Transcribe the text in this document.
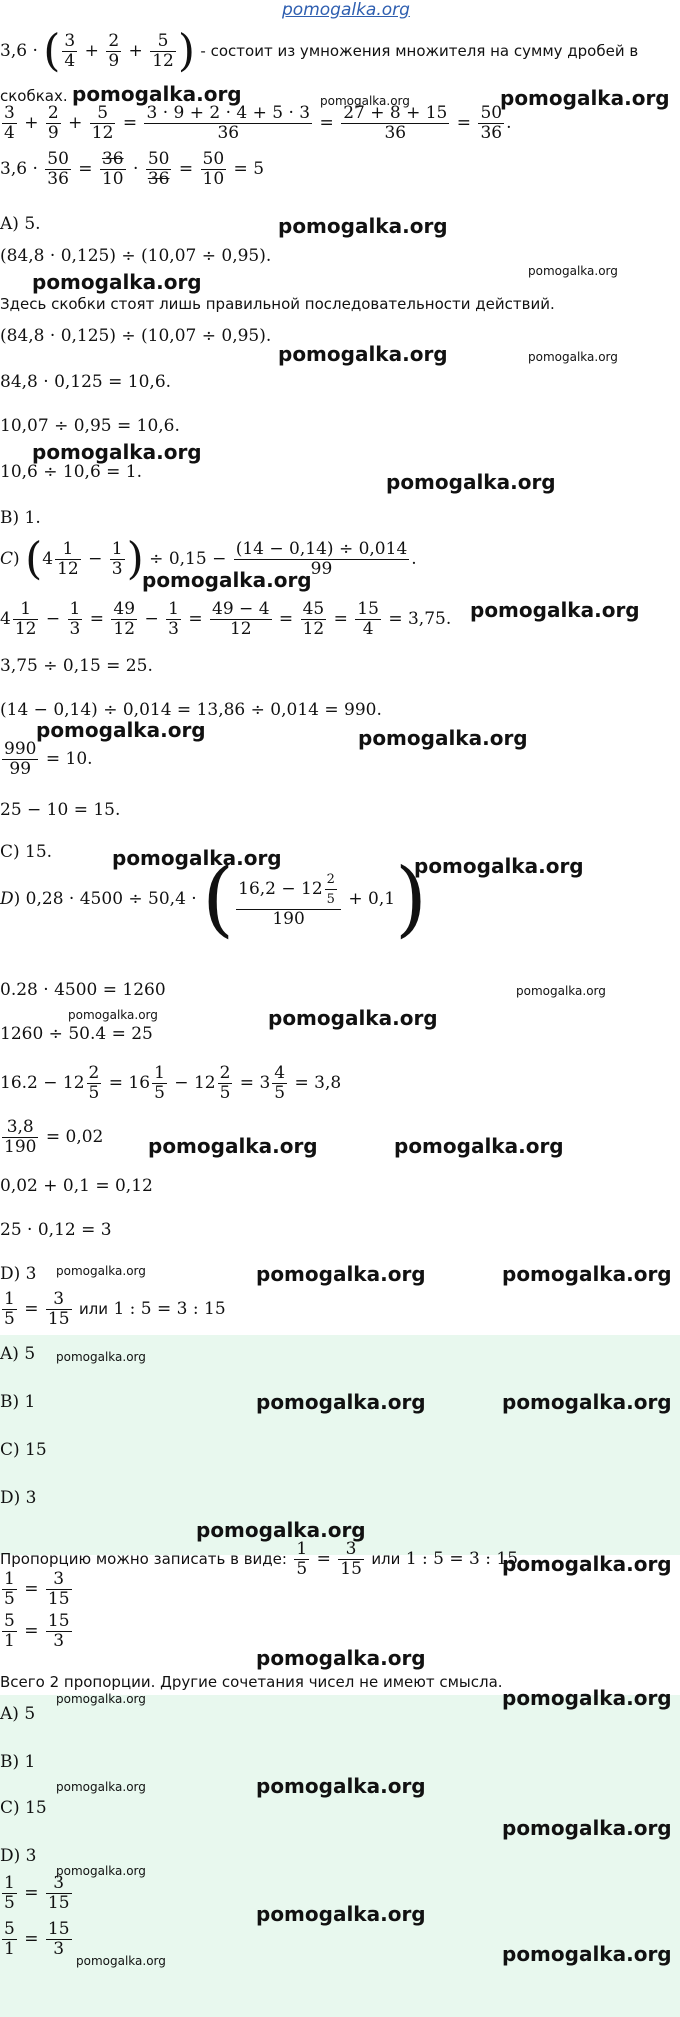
pomogalka.org
3,6 · ( $\frac{3}{4} + \frac{2}{9} + \frac{5}{12}$ ) - состоит из умножения множителя на сумму дробей в
скобках.
$\frac{3}{4} + \frac{2}{9} + \frac{5}{12} = \frac{3 \cdot 9 + 2 \cdot 4 + 5 \cdot 3}{36} = \frac{27 + 8 + 15}{36} = \frac{50}{36}$ .
$3,6 \cdot \frac{50}{36} = \frac{36}{10} \cdot \frac{50}{36} = \frac{50}{10} = 5$
A) 5.
(84,8 · 0,125) ÷ (10,07 ÷ 0,95).
Здесь скобки стоят лишь правильной последовательности действий.
(84,8 · 0,125) ÷ (10,07 ÷ 0,95).
84,8 · 0,125 = 10,6.
10,07 ÷ 0,95 = 10,6.
10,6 ÷ 10,6 = 1.
B) 1.
C) ($4 \frac{1}{12} - \frac{1}{3}$ ) ÷ $0,15 - \frac{(14 - 0,14) \div 0,014}{99}$ .
$4 \frac{1}{12} - \frac{1}{3} = \frac{49}{12} - \frac{1}{3} = \frac{49 - 4}{12} = \frac{45}{12} = \frac{15}{4} = 3,75$.
3,75 ÷ 0,15 = 25.
(14 − 0,14) ÷ 0,014 = 13,86 ÷ 0,014 = 990.
$\frac{990}{99} = 10$.
25 − 10 = 15.
C) 15.
D) 0,28 · 4500 ÷ 50,4 · ( $\frac{16,2 - 12 \frac{2}{5}}{190} + 0,1$)
0.28 · 4500 = 1260
1260 ÷ 50.4 = 25
$16.2 - 12 \frac{2}{5} = 16 \frac{1}{5} - 12 \frac{2}{5} = 3 \frac{4}{5} = 3,8$
$\frac{3,8}{190} = 0,02$
0,02 + 0,1 = 0,12
25 · 0,12 = 3
D) 3
$\frac{1}{5} = \frac{3}{15}$ или 1 : 5 = 3 : 15
A) 5
B) 1
C) 15
D) 3
Пропорцию можно записать в виде: $\frac{1}{5} = \frac{3}{15}$ или 1 : 5 = 3 : 15
$\frac{1}{5} = \frac{3}{15}$
$\frac{5}{1} = \frac{15}{3}$
Всего 2 пропорции. Другие сочетания чисел не имеют смысла.
A) 5
B) 1
C) 15
D) 3
$\frac{1}{5} = \frac{3}{15}$
$\frac{5}{1} = \frac{15}{3}$
pomogalka.org	pomogalka.org
pomogalka.org
pomogalka.org
pomogalka.org
pomogalka.org
pomogalka.org
pomogalka.org
pomogalka.org
pomogalka.org	pomogalka.org
pomogalka.org	pomogalka.org
pomogalka.org
pomogalka.org	pomogalka.org
pomogalka.org	pomogalka.org
pomogalka.org	pomogalka.org
pomogalka.org
pomogalka.org
pomogalka.org
pomogalka.org
pomogalka.org
pomogalka.org
pomogalka.org
pomogalka.org
pomogalka.org
pomogalka.org
pomogalka.org
pomogalka.org
pomogalka.org
pomogalka.org
pomogalka.org
pomogalka.org
pomogalka.org
pomogalka.org
pomogalka.org
